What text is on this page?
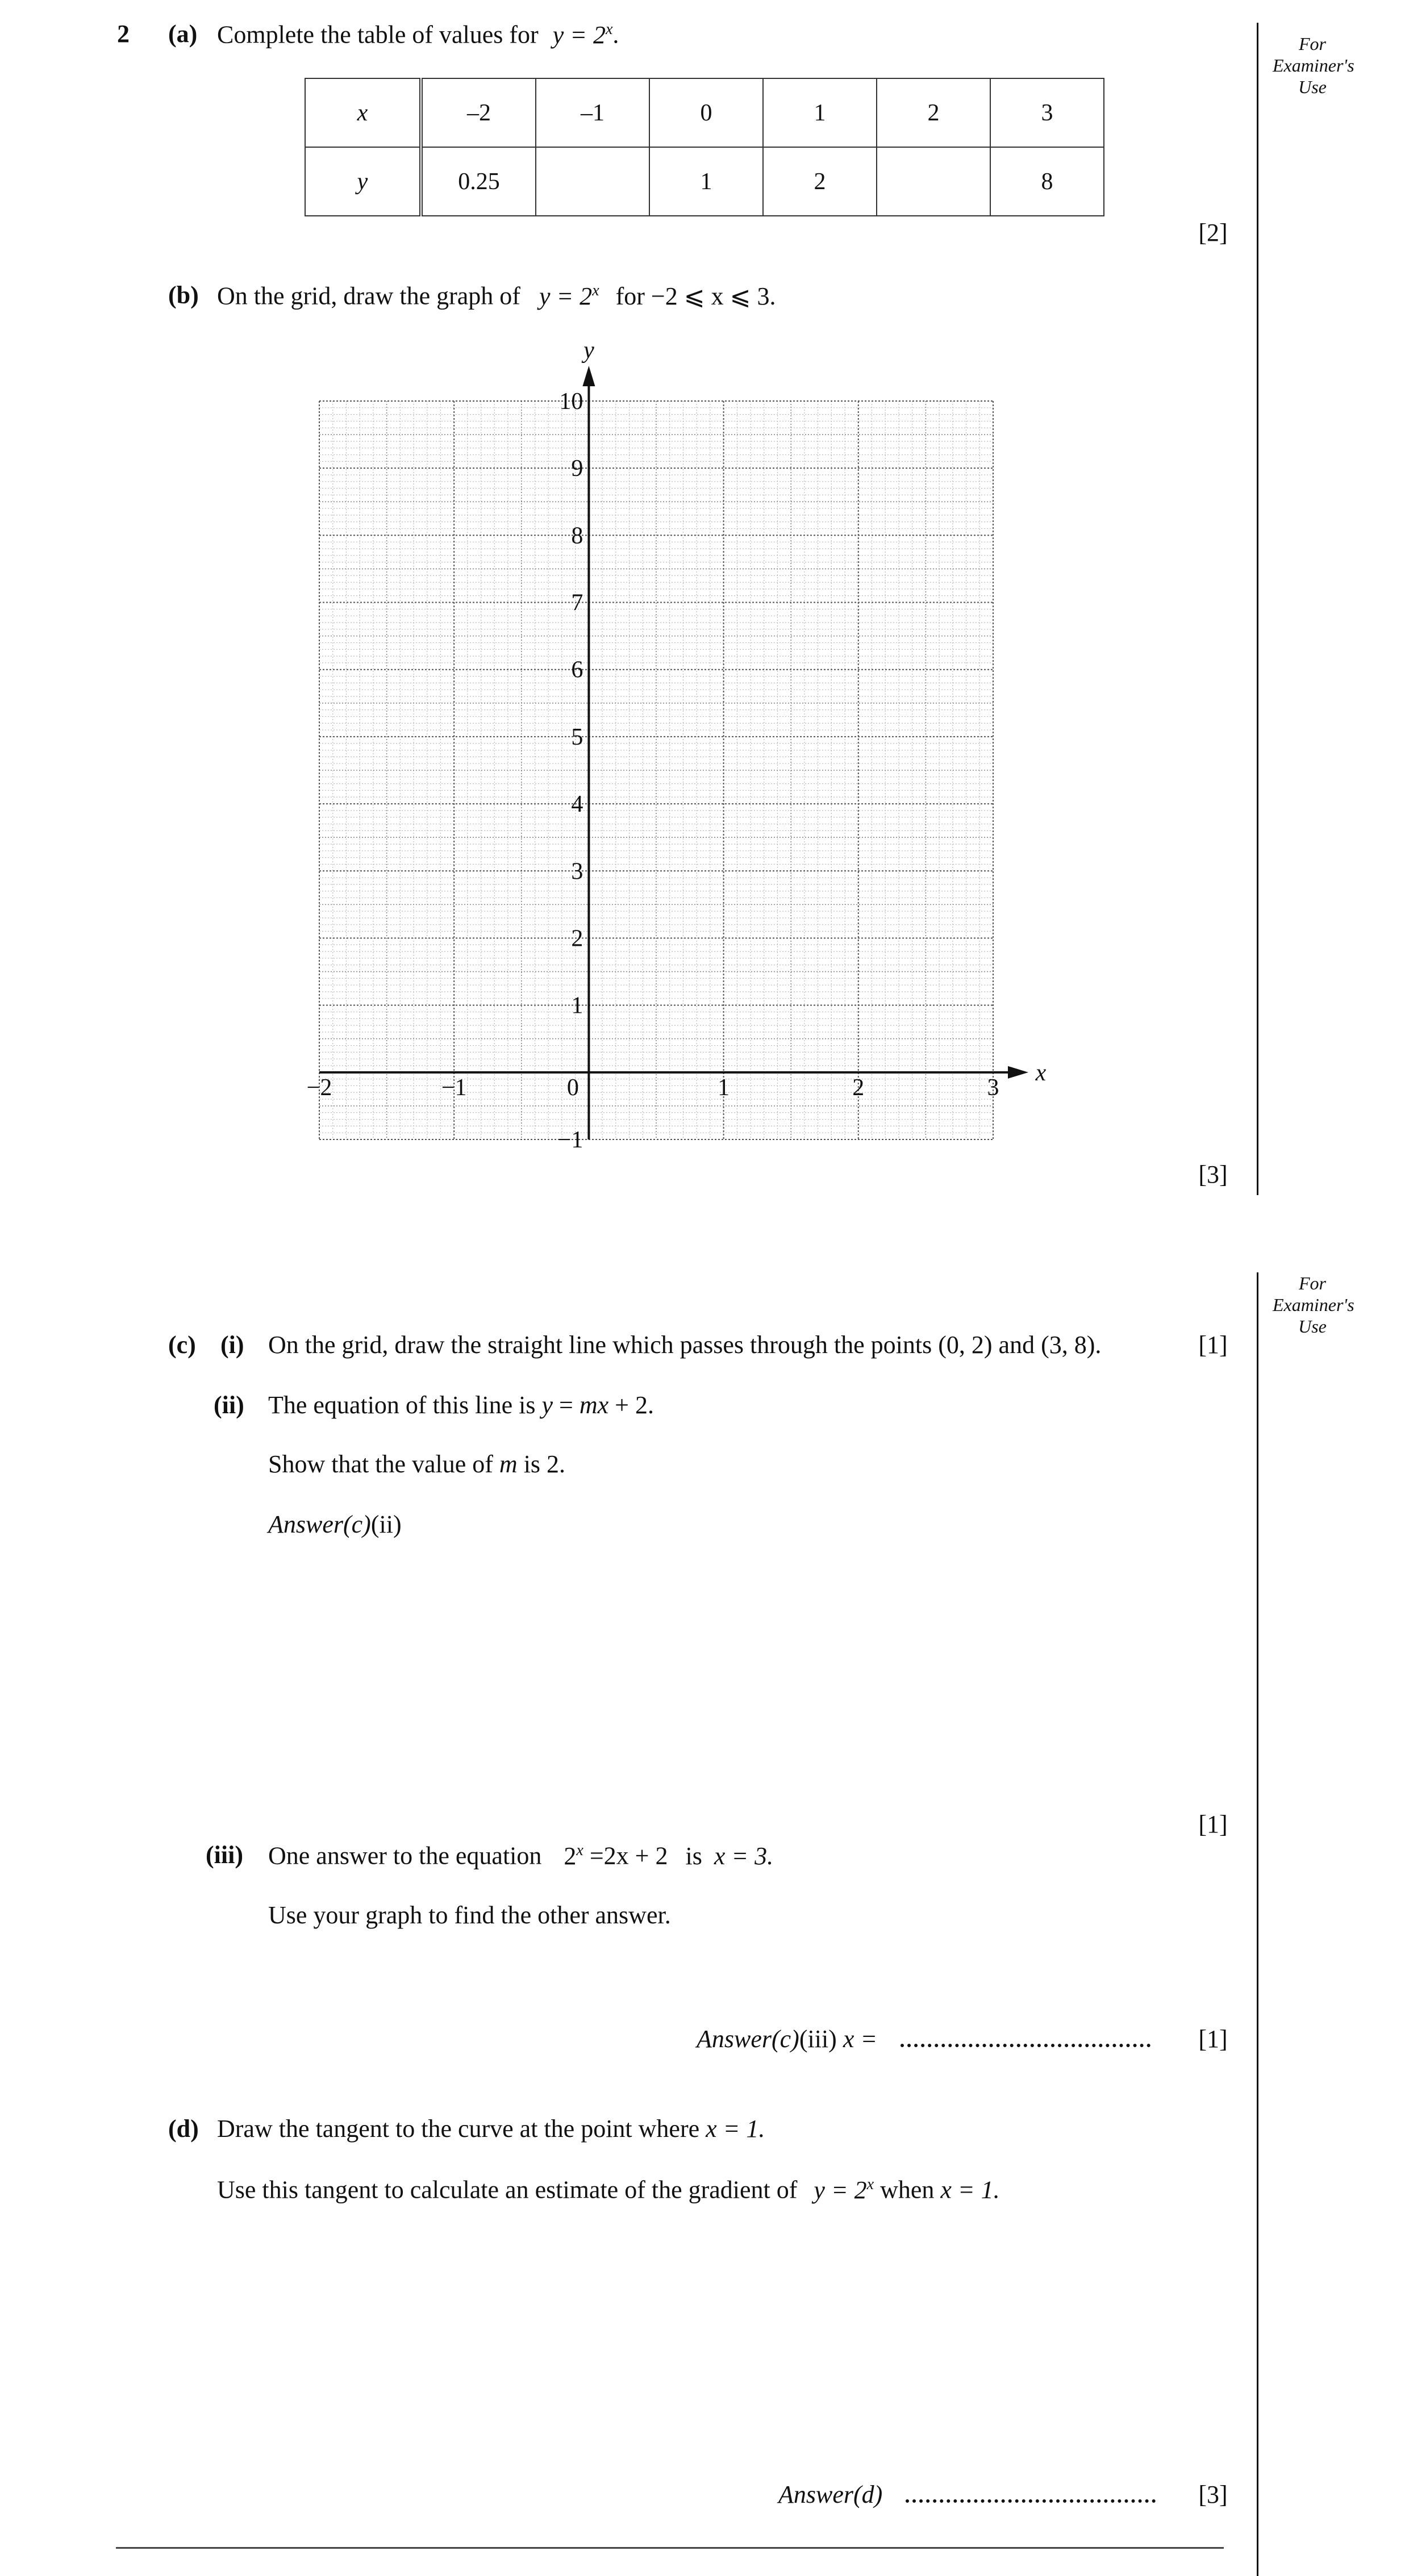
2 (a) Complete the table of values for $y = 2^x$.
x	–2	–1	0	1	2	3
y	0.25		1	2		8
[2]
(b) On the grid, draw the graph of $y = 2^x$ for −2 ⩽ x ⩽ 3.
y
x
10
9
8
7
6
5
4
3
2
1
−1
−2	−1	1	2	3
0
[3]
For
Examiner's
Use
For
Examiner's
Use
(c) (i) On the grid, draw the straight line which passes through the points (0, 2) and (3, 8).	[1]
(ii) The equation of this line is y = mx + 2.
Show that the value of m is 2.
Answer(c)(ii)
[1]
(iii) One answer to the equation $2^x =2x + 2$ is x = 3.
Use your graph to find the other answer.
Answer(c)(iii) x =	[1]
(d) Draw the tangent to the curve at the point where x = 1.
Use this tangent to calculate an estimate of the gradient of $y = 2^x$ when x = 1.
Answer(d)	[3]
